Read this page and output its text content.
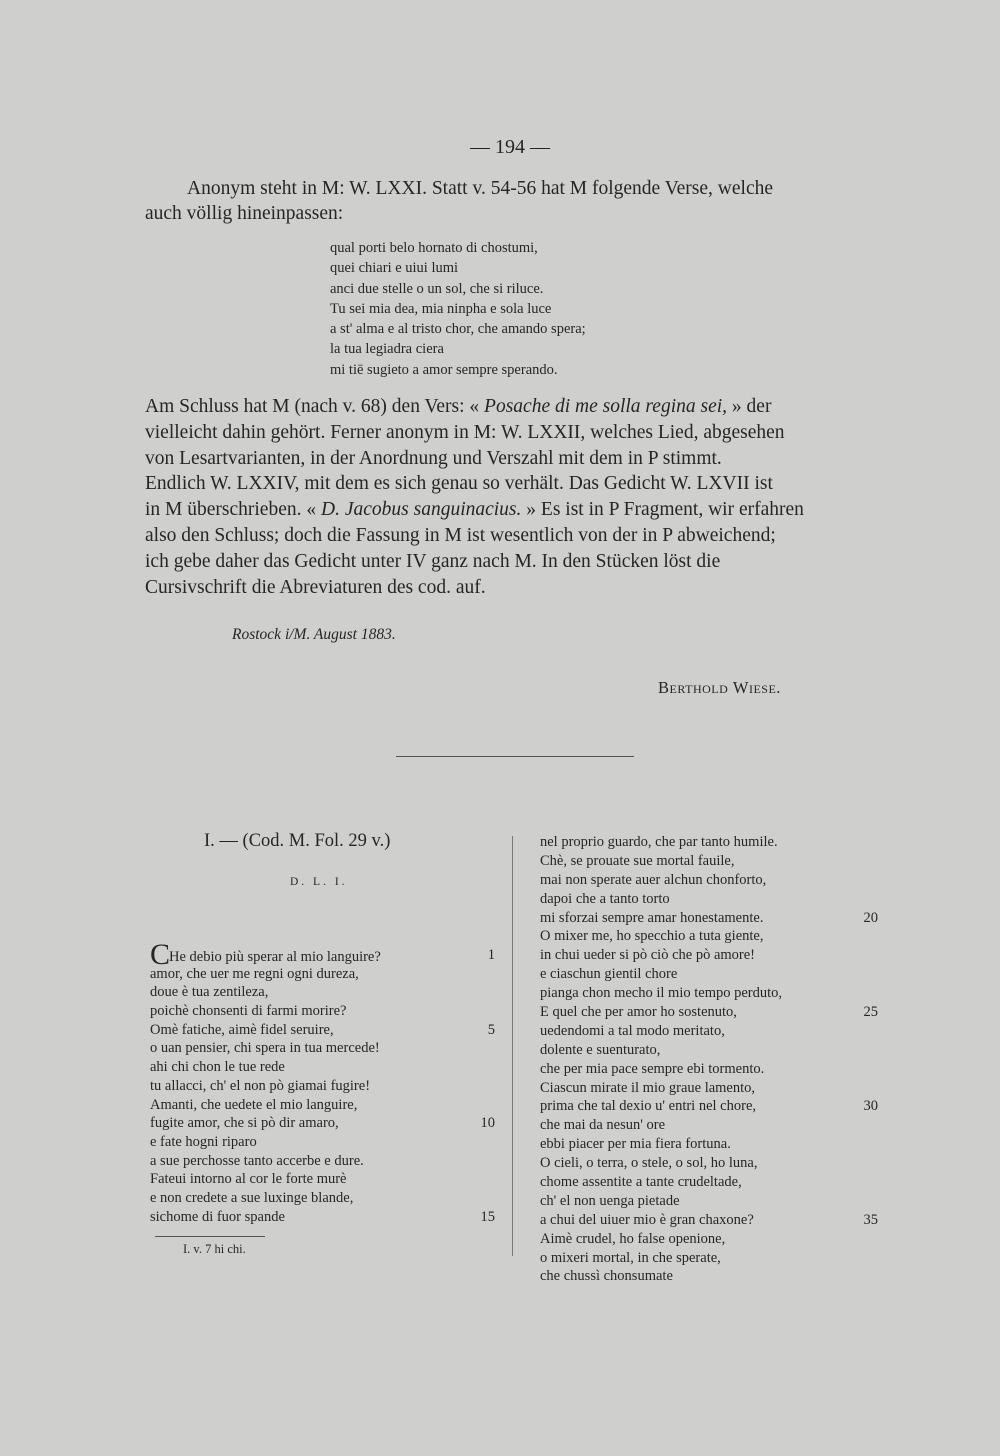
— 194 —
Anonym steht in M: W. LXXI. Statt v. 54-56 hat M folgende Verse, welche
auch völlig hineinpassen:
qual porti belo hornato di chostumi,
quei chiari e uiui lumi
anci due stelle o un sol, che si riluce.
Tu sei mia dea, mia ninpha e sola luce
a st' alma e al tristo chor, che amando spera;
la tua legiadra ciera
mi tiē sugieto a amor sempre sperando.
Am Schluss hat M (nach v. 68) den Vers: « Posache di me solla regina sei, » der
vielleicht dahin gehört. Ferner anonym in M: W. LXXII, welches Lied, abgesehen
von Lesartvarianten, in der Anordnung und Verszahl mit dem in P stimmt.
Endlich W. LXXIV, mit dem es sich genau so verhält. Das Gedicht W. LXVII ist
in M überschrieben. « D. Jacobus sanguinacius. » Es ist in P Fragment, wir erfahren
also den Schluss; doch die Fassung in M ist wesentlich von der in P abweichend;
ich gebe daher das Gedicht unter IV ganz nach M. In den Stücken löst die
Cursivschrift die Abreviaturen des cod. auf.
Rostock i/M. August 1883.
Berthold Wiese.
I. — (Cod. M. Fol. 29 v.)
D. L. I.
CHe debio più sperar al mio languire?	1
amor, che uer me regni ogni dureza,
doue è tua zentileza,
poichè chonsenti di farmi morire?
Omè fatiche, aimè fidel seruire,	5
o uan pensier, chi spera in tua mercede!
ahi chi chon le tue rede
tu allacci, ch' el non pò giamai fugire!
Amanti, che uedete el mio languire,
fugite amor, che si pò dir amaro,	10
e fate hogni riparo
a sue perchosse tanto accerbe e dure.
Fateui intorno al cor le forte murè
e non credete a sue luxinge blande,
sichome di fuor spande	15
nel proprio guardo, che par tanto humile.
Chè, se prouate sue mortal fauile,
mai non sperate auer alchun chonforto,
dapoi che a tanto torto
mi sforzai sempre amar honestamente.	20
O mixer me, ho specchio a tuta giente,
in chui ueder si pò ciò che pò amore!
e ciaschun gientil chore
pianga chon mecho il mio tempo perduto,
E quel che per amor ho sostenuto,	25
uedendomi a tal modo meritato,
dolente e suenturato,
che per mia pace sempre ebi tormento.
Ciascun mirate il mio graue lamento,
prima che tal dexio u' entri nel chore,	30
che mai da nesun' ore
ebbi piacer per mia fiera fortuna.
O cieli, o terra, o stele, o sol, ho luna,
chome assentite a tante crudeltade,
ch' el non uenga pietade
a chui del uiuer mio è gran chaxone?	35
Aimè crudel, ho false openione,
o mixeri mortal, in che sperate,
che chussì chonsumate
I. v. 7 hi chi.
